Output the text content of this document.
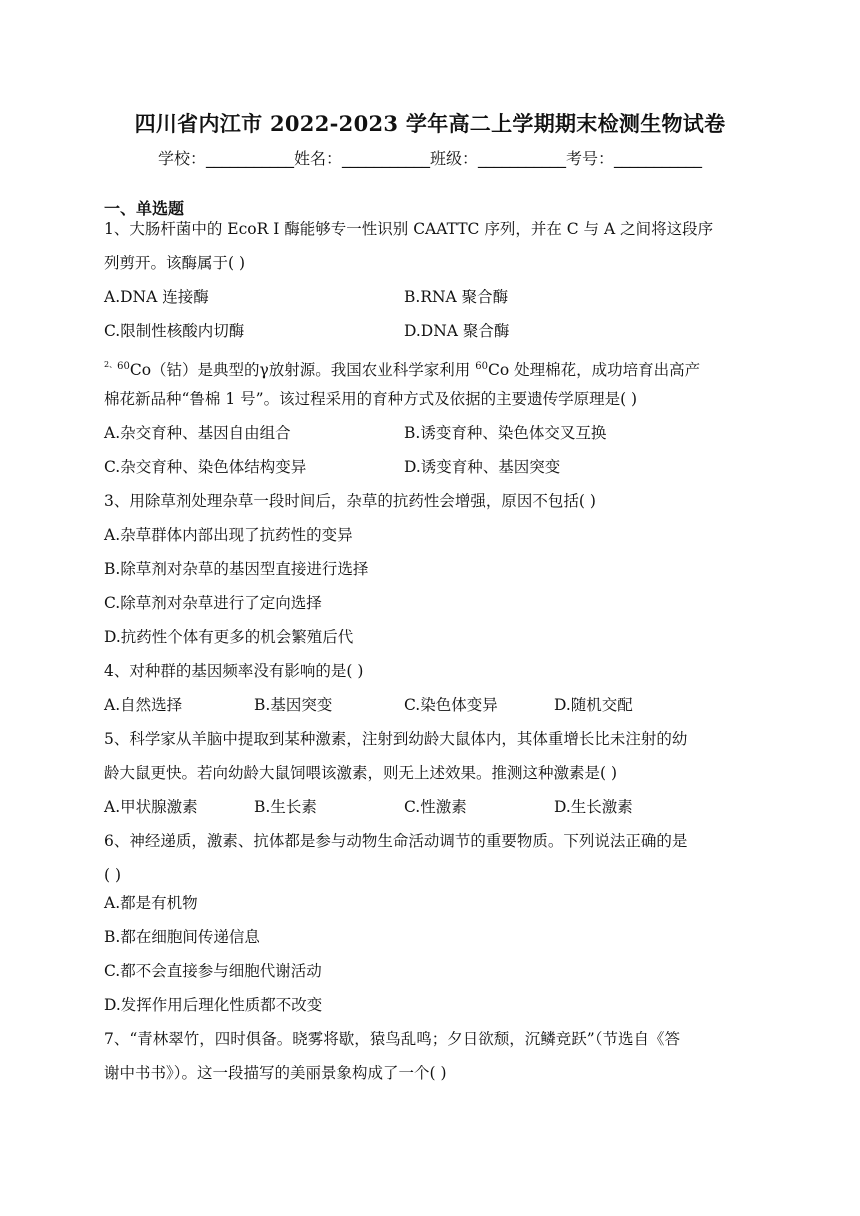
四川省内江市 2022-2023 学年高二上学期期末检测生物试卷
学校：___________姓名：___________班级：___________考号：___________
一、单选题
1、大肠杆菌中的 EcoR Ⅰ 酶能够专一性识别 CAATTC 序列，并在 C 与 A 之间将这段序
列剪开。该酶属于( )
A.DNA 连接酶	B.RNA 聚合酶
C.限制性核酸内切酶	D.DNA 聚合酶
$^{2、60}$Co（钴）是典型的γ放射源。我国农业科学家利用 $^{60}$Co 处理棉花，成功培育出高产
棉花新品种“鲁棉 1 号”。该过程采用的育种方式及依据的主要遗传学原理是( )
A.杂交育种、基因自由组合	B.诱变育种、染色体交叉互换
C.杂交育种、染色体结构变异	D.诱变育种、基因突变
3、用除草剂处理杂草一段时间后，杂草的抗药性会增强，原因不包括( )
A.杂草群体内部出现了抗药性的变异
B.除草剂对杂草的基因型直接进行选择
C.除草剂对杂草进行了定向选择
D.抗药性个体有更多的机会繁殖后代
4、对种群的基因频率没有影响的是( )
A.自然选择	B.基因突变	C.染色体变异	D.随机交配
5、科学家从羊脑中提取到某种激素，注射到幼龄大鼠体内，其体重增长比未注射的幼
龄大鼠更快。若向幼龄大鼠饲喂该激素，则无上述效果。推测这种激素是( )
A.甲状腺激素	B.生长素	C.性激素	D.生长激素
6、神经递质，激素、抗体都是参与动物生命活动调节的重要物质。下列说法正确的是
( )
A.都是有机物
B.都在细胞间传递信息
C.都不会直接参与细胞代谢活动
D.发挥作用后理化性质都不改变
7、“青林翠竹，四时俱备。晓雾将歇，猿鸟乱鸣；夕日欲颓，沉鳞竞跃”（节选自《答
谢中书书》）。这一段描写的美丽景象构成了一个( )
